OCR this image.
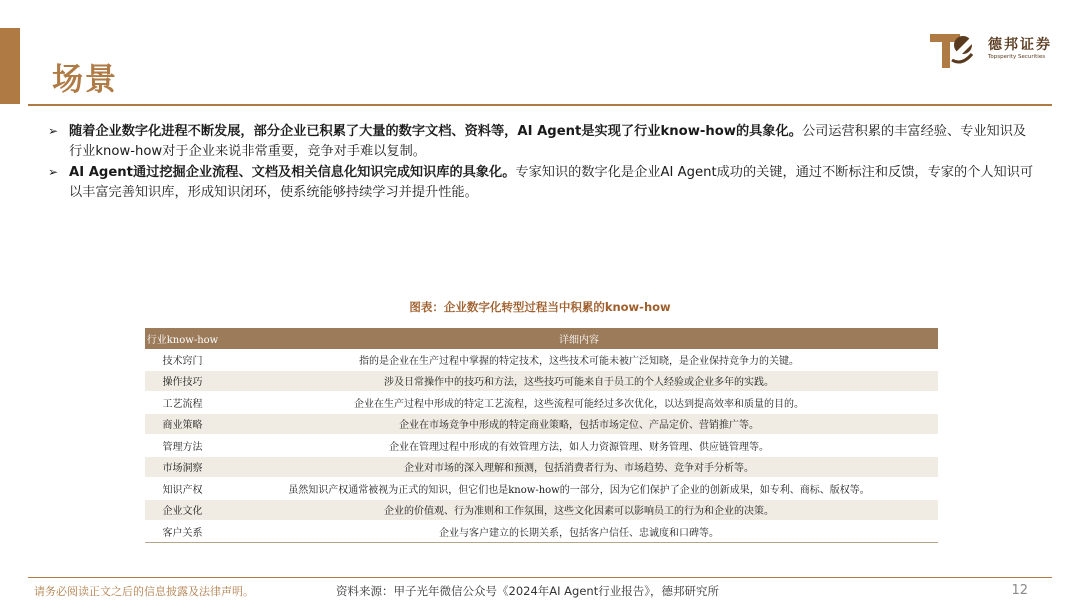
场景
德邦证券
Topsperity Securities
➢ 随着企业数字化进程不断发展，部分企业已积累了大量的数字文档、资料等，AI Agent是实现了行业know-how的具象化。公司运营积累的丰富经验、专业知识及行业know-how对于企业来说非常重要，竞争对手难以复制。
➢ AI Agent通过挖掘企业流程、文档及相关信息化知识完成知识库的具象化。专家知识的数字化是企业AI Agent成功的关键，通过不断标注和反馈，专家的个人知识可以丰富完善知识库，形成知识闭环，使系统能够持续学习并提升性能。
图表：企业数字化转型过程当中积累的know-how
行业know-how	详细内容
技术窍门	指的是企业在生产过程中掌握的特定技术，这些技术可能未被广泛知晓，是企业保持竞争力的关键。
操作技巧	涉及日常操作中的技巧和方法，这些技巧可能来自于员工的个人经验或企业多年的实践。
工艺流程	企业在生产过程中形成的特定工艺流程，这些流程可能经过多次优化，以达到提高效率和质量的目的。
商业策略	企业在市场竞争中形成的特定商业策略，包括市场定位、产品定价、营销推广等。
管理方法	企业在管理过程中形成的有效管理方法，如人力资源管理、财务管理、供应链管理等。
市场洞察	企业对市场的深入理解和预测，包括消费者行为、市场趋势、竞争对手分析等。
知识产权	虽然知识产权通常被视为正式的知识，但它们也是know-how的一部分，因为它们保护了企业的创新成果，如专利、商标、版权等。
企业文化	企业的价值观、行为准则和工作氛围，这些文化因素可以影响员工的行为和企业的决策。
客户关系	企业与客户建立的长期关系，包括客户信任、忠诚度和口碑等。
请务必阅读正文之后的信息披露及法律声明。	资料来源：甲子光年微信公众号《2024年AI Agent行业报告》，德邦研究所	12
